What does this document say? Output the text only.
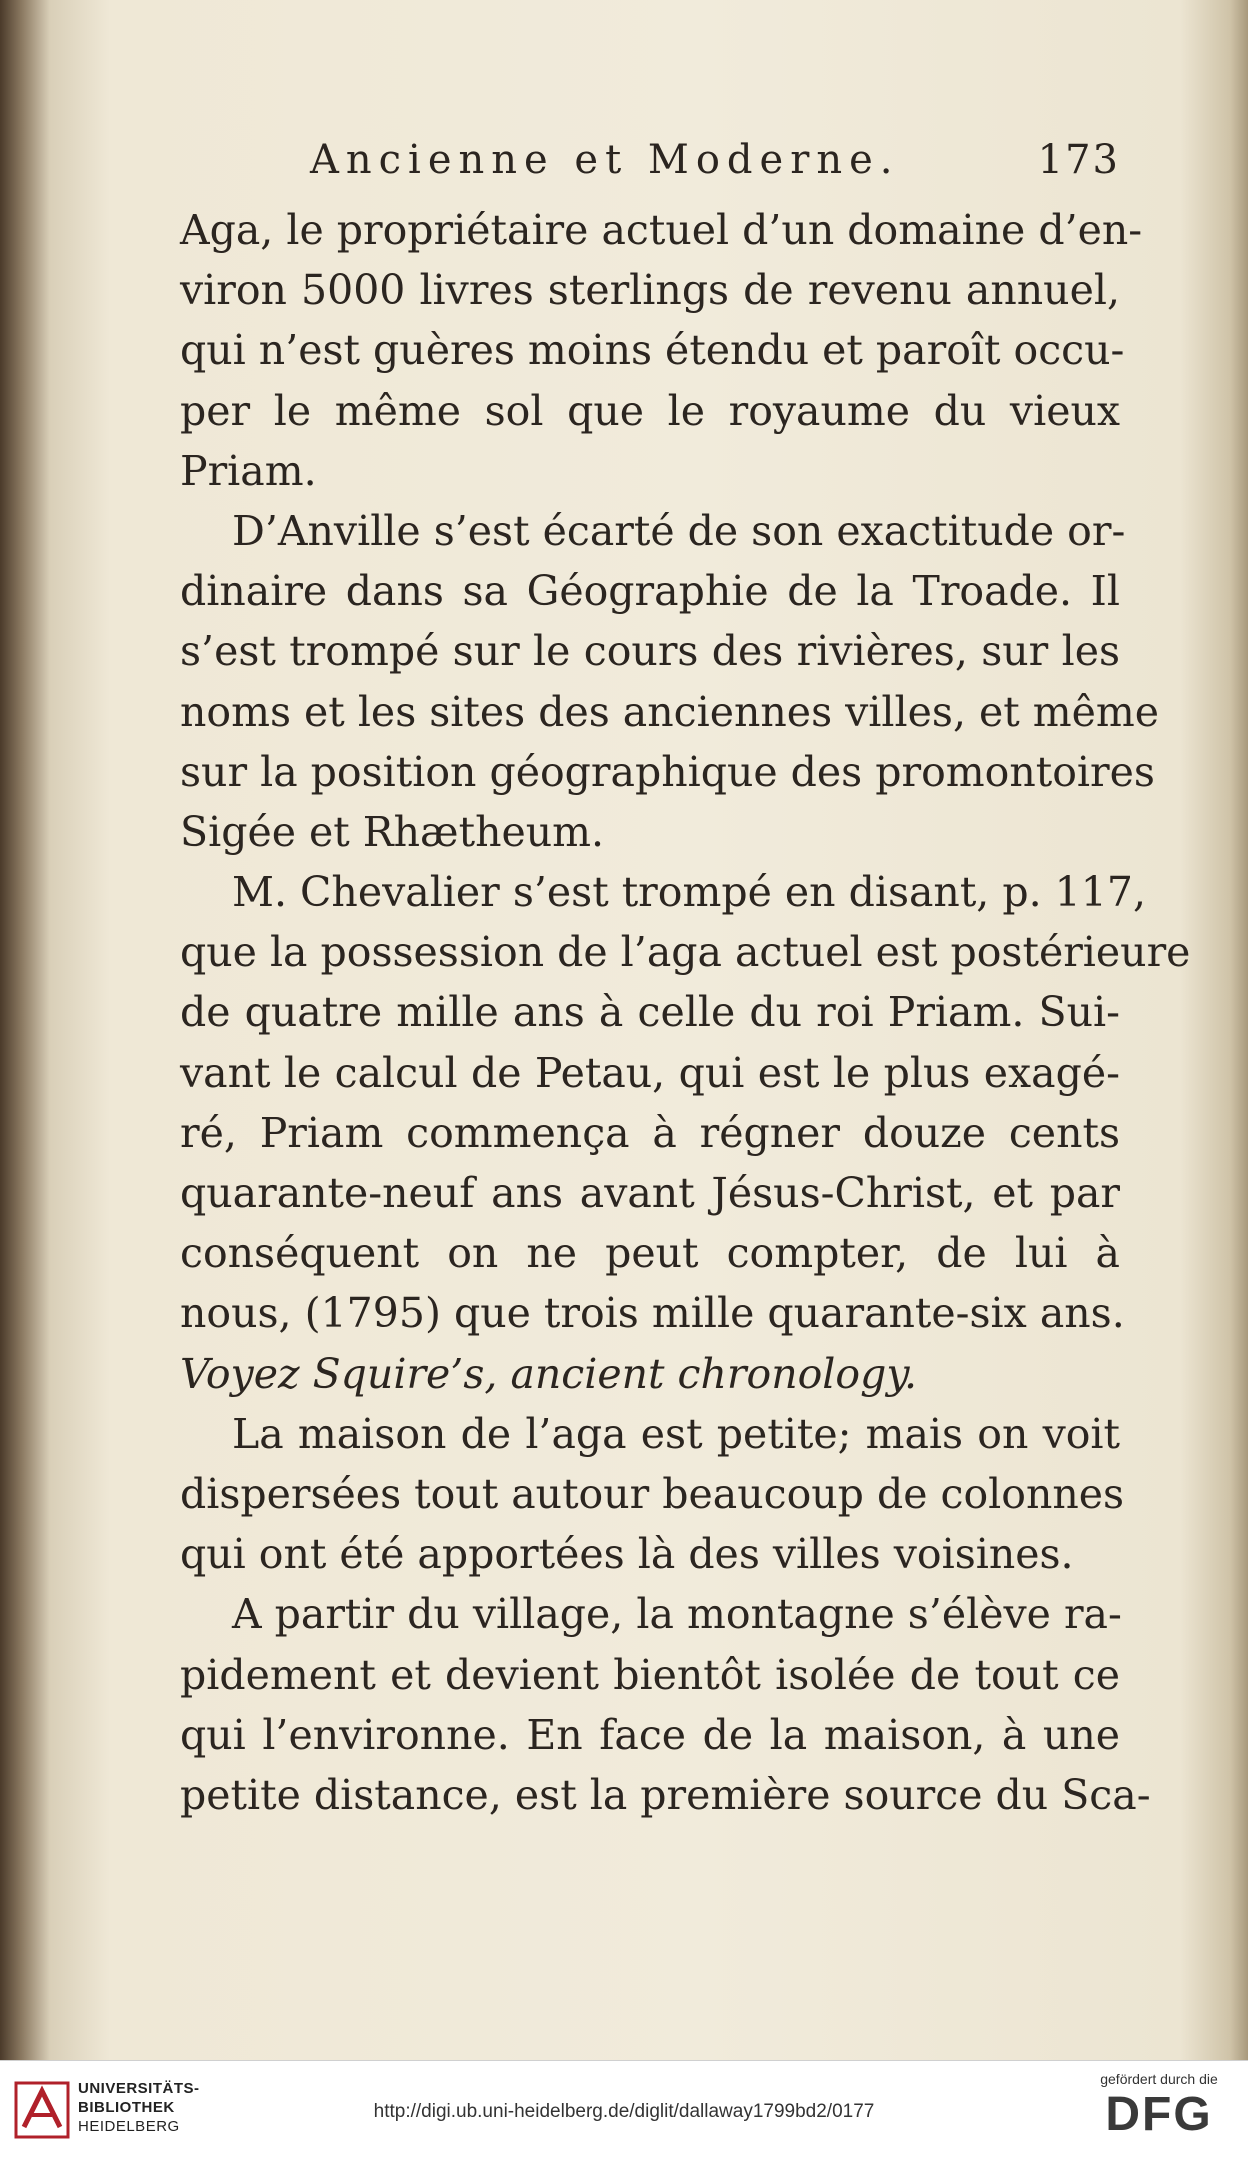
Ancienne et Moderne.	173

Aga, le propriétaire actuel d’un domaine d’en-
viron 5000 livres sterlings de revenu annuel,
qui n’est guères moins étendu et paroît occu-
per le même sol que le royaume du vieux
Priam.

D’Anville s’est écarté de son exactitude or-
dinaire dans sa Géographie de la Troade. Il
s’est trompé sur le cours des rivières, sur les
noms et les sites des anciennes villes, et même
sur la position géographique des promontoires
Sigée et Rhætheum.

M. Chevalier s’est trompé en disant, p. 117,
que la possession de l’aga actuel est postérieure
de quatre mille ans à celle du roi Priam. Sui-
vant le calcul de Petau, qui est le plus exagé-
ré, Priam commença à régner douze cents
quarante-neuf ans avant Jésus-Christ, et par
conséquent on ne peut compter, de lui à
nous, (1795) que trois mille quarante-six ans.
Voyez Squire’s, ancient chronology.

La maison de l’aga est petite; mais on voit
dispersées tout autour beaucoup de colonnes
qui ont été apportées là des villes voisines.

A partir du village, la montagne s’élève ra-
pidement et devient bientôt isolée de tout ce
qui l’environne. En face de la maison, à une
petite distance, est la première source du Sca-

UNIVERSITÄTS-
BIBLIOTHEK
HEIDELBERG
http://digi.ub.uni-heidelberg.de/diglit/dallaway1799bd2/0177
gefördert durch die
DFG
